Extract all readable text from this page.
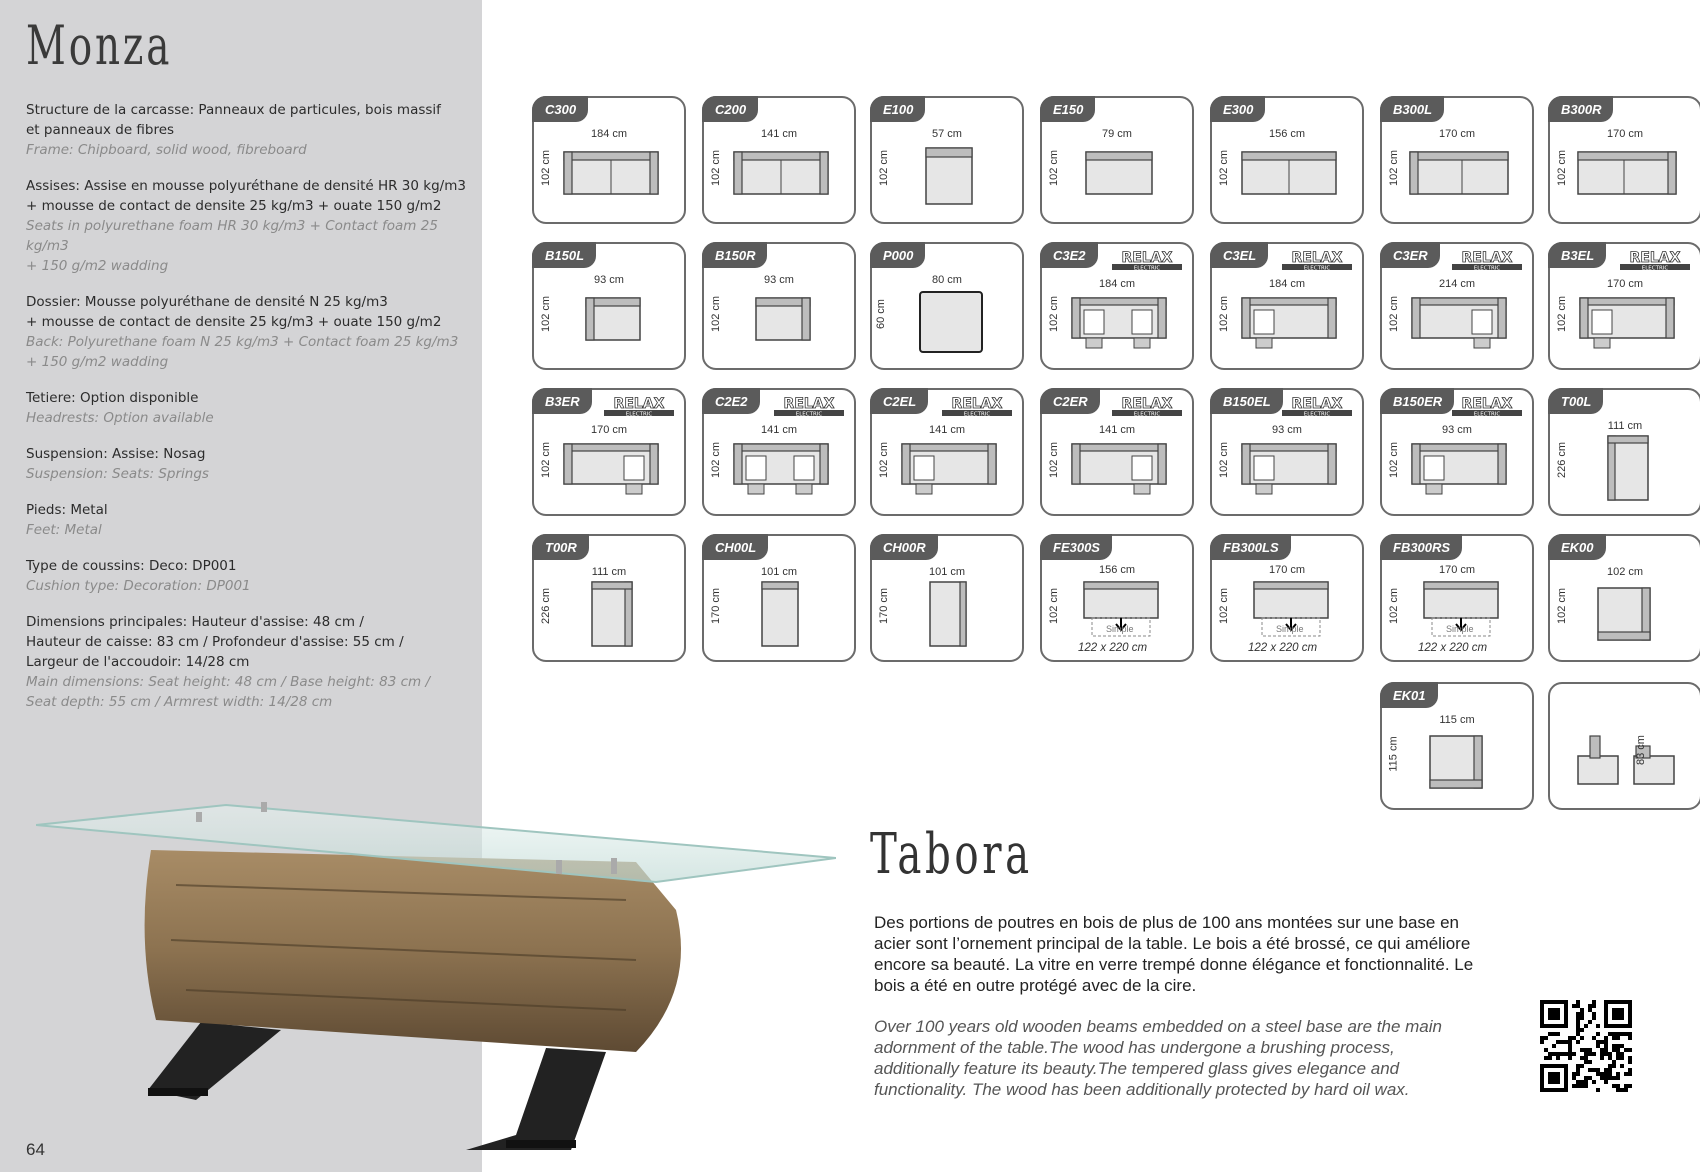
Monza
Structure de la carcasse: Panneaux de particules, bois massif
et panneaux de fibres
Frame: Chipboard, solid wood, fibreboard
Assises: Assise en mousse polyuréthane de densité HR 30 kg/m3
+ mousse de contact de densite 25 kg/m3 + ouate 150 g/m2
Seats in polyurethane foam HR 30 kg/m3 + Contact foam 25 kg/m3
+ 150 g/m2 wadding
Dossier: Mousse polyuréthane de densité N 25 kg/m3
+ mousse de contact de densite 25 kg/m3 + ouate 150 g/m2
Back: Polyurethane foam N 25 kg/m3 + Contact foam 25 kg/m3
+ 150 g/m2 wadding
Tetiere: Option disponible
Headrests: Option available
Suspension: Assise: Nosag
Suspension: Seats: Springs
Pieds: Metal
Feet: Metal
Type de coussins: Deco: DP001
Cushion type: Decoration: DP001
Dimensions principales: Hauteur d'assise: 48 cm /
Hauteur de caisse: 83 cm / Profondeur d'assise: 55 cm /
Largeur de l'accoudoir: 14/28 cm
Main dimensions: Seat height: 48 cm / Base height: 83 cm /
Seat depth: 55 cm / Armrest width: 14/28 cm
64
C300
184 cm
102 cm
C200
141 cm
102 cm
E100
57 cm
102 cm
E150
79 cm
102 cm
E300
156 cm
102 cm
B300L
170 cm
102 cm
B300R
170 cm
102 cm
B150L
93 cm
102 cm
B150R
93 cm
102 cm
P000
80 cm
60 cm
C3E2	RELAX
ELECTRIC
184 cm
102 cm
C3EL	RELAX
ELECTRIC
184 cm
102 cm
C3ER	RELAX
ELECTRIC
214 cm
102 cm
B3EL	RELAX
ELECTRIC
170 cm
102 cm
B3ER	RELAX
ELECTRIC
170 cm
102 cm
C2E2	RELAX
ELECTRIC
141 cm
102 cm
C2EL	RELAX
ELECTRIC
141 cm
102 cm
C2ER	RELAX
ELECTRIC
141 cm
102 cm
B150EL	RELAX
ELECTRIC
93 cm
102 cm
B150ER	RELAX
ELECTRIC
93 cm
102 cm
T00L
111 cm
226 cm
T00R
111 cm
226 cm
CH00L
101 cm
170 cm
CH00R
101 cm
170 cm
FE300S
156 cm
102 cm
Simple
122 x 220 cm
FB300LS
170 cm
102 cm
Simple
122 x 220 cm
FB300RS
170 cm
102 cm
Simple
122 x 220 cm
EK00
102 cm
102 cm
EK01
115 cm
115 cm	83 cm
Tabora
Des portions de poutres en bois de plus de 100 ans montées sur une base en acier sont l’ornement principal de la table. Le bois a été brossé, ce qui améliore encore sa beauté. La vitre en verre trempé donne élégance et fonctionnalité. Le bois a été en outre protégé avec de la cire.
Over 100 years old wooden beams embedded on a steel base are the main adornment of the table.The wood has undergone a brushing process, additionally feature its beauty.The tempered glass gives elegance and functionality. The wood has been additionally protected by hard oil wax.
